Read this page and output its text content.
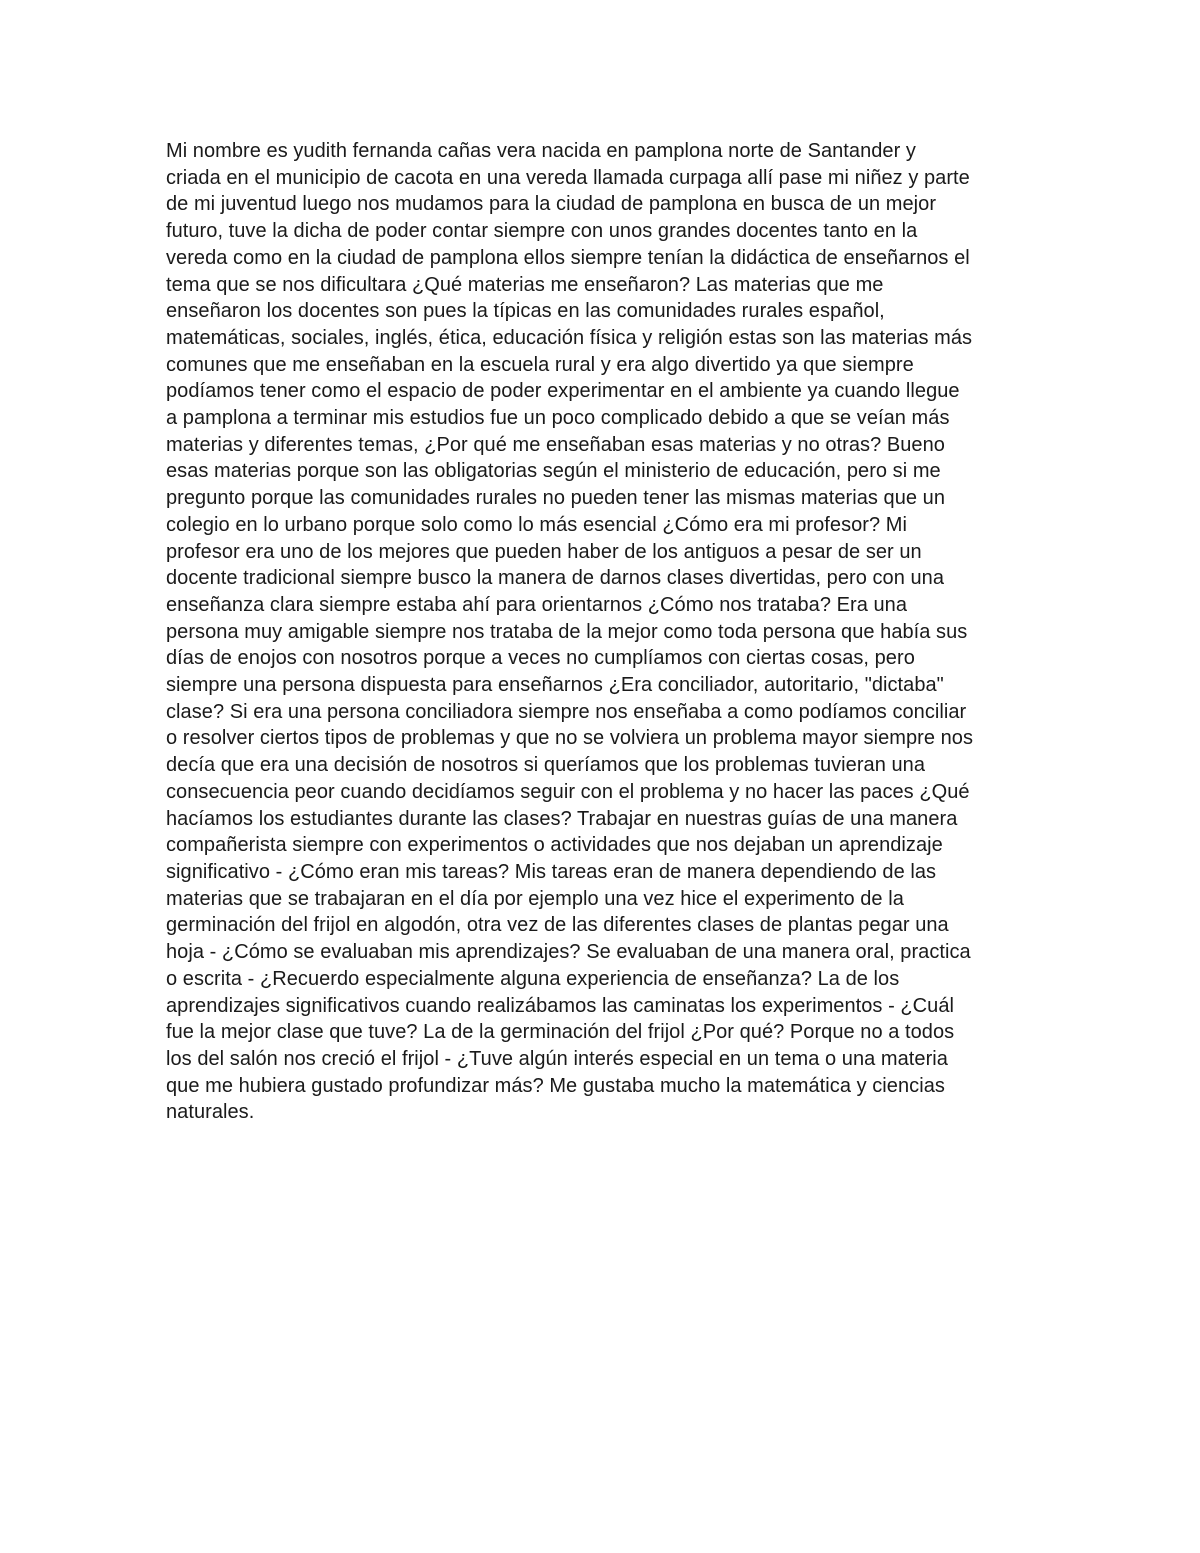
Mi nombre es yudith fernanda cañas vera nacida en pamplona norte de Santander y
criada en el municipio de cacota en una vereda llamada curpaga allí pase mi niñez y parte
de mi juventud luego nos mudamos para la ciudad de pamplona en busca de un mejor
futuro, tuve la dicha de poder contar siempre con unos grandes docentes tanto en la
vereda como en la ciudad de pamplona ellos siempre tenían la didáctica de enseñarnos el
tema que se nos dificultara ¿Qué materias me enseñaron? Las materias que me
enseñaron los docentes son pues la típicas en las comunidades rurales español,
matemáticas, sociales, inglés, ética, educación física y religión estas son las materias más
comunes que me enseñaban en la escuela rural y era algo divertido ya que siempre
podíamos tener como el espacio de poder experimentar en el ambiente ya cuando llegue
a pamplona a terminar mis estudios fue un poco complicado debido a que se veían más
materias y diferentes temas, ¿Por qué me enseñaban esas materias y no otras? Bueno
esas materias porque son las obligatorias según el ministerio de educación, pero si me
pregunto porque las comunidades rurales no pueden tener las mismas materias que un
colegio en lo urbano porque solo como lo más esencial ¿Cómo era mi profesor? Mi
profesor era uno de los mejores que pueden haber de los antiguos a pesar de ser un
docente tradicional siempre busco la manera de darnos clases divertidas, pero con una
enseñanza clara siempre estaba ahí para orientarnos ¿Cómo nos trataba? Era una
persona muy amigable siempre nos trataba de la mejor como toda persona que había sus
días de enojos con nosotros porque a veces no cumplíamos con ciertas cosas, pero
siempre una persona dispuesta para enseñarnos ¿Era conciliador, autoritario, "dictaba"
clase? Si era una persona conciliadora siempre nos enseñaba a como podíamos conciliar
o resolver ciertos tipos de problemas y que no se volviera un problema mayor siempre nos
decía que era una decisión de nosotros si queríamos que los problemas tuvieran una
consecuencia peor cuando decidíamos seguir con el problema y no hacer las paces ¿Qué
hacíamos los estudiantes durante las clases? Trabajar en nuestras guías de una manera
compañerista siempre con experimentos o actividades que nos dejaban un aprendizaje
significativo - ¿Cómo eran mis tareas? Mis tareas eran de manera dependiendo de las
materias que se trabajaran en el día por ejemplo una vez hice el experimento de la
germinación del frijol en algodón, otra vez de las diferentes clases de plantas pegar una
hoja - ¿Cómo se evaluaban mis aprendizajes? Se evaluaban de una manera oral, practica
o escrita - ¿Recuerdo especialmente alguna experiencia de enseñanza? La de los
aprendizajes significativos cuando realizábamos las caminatas los experimentos - ¿Cuál
fue la mejor clase que tuve? La de la germinación del frijol ¿Por qué? Porque no a todos
los del salón nos creció el frijol - ¿Tuve algún interés especial en un tema o una materia
que me hubiera gustado profundizar más? Me gustaba mucho la matemática y ciencias
naturales.
